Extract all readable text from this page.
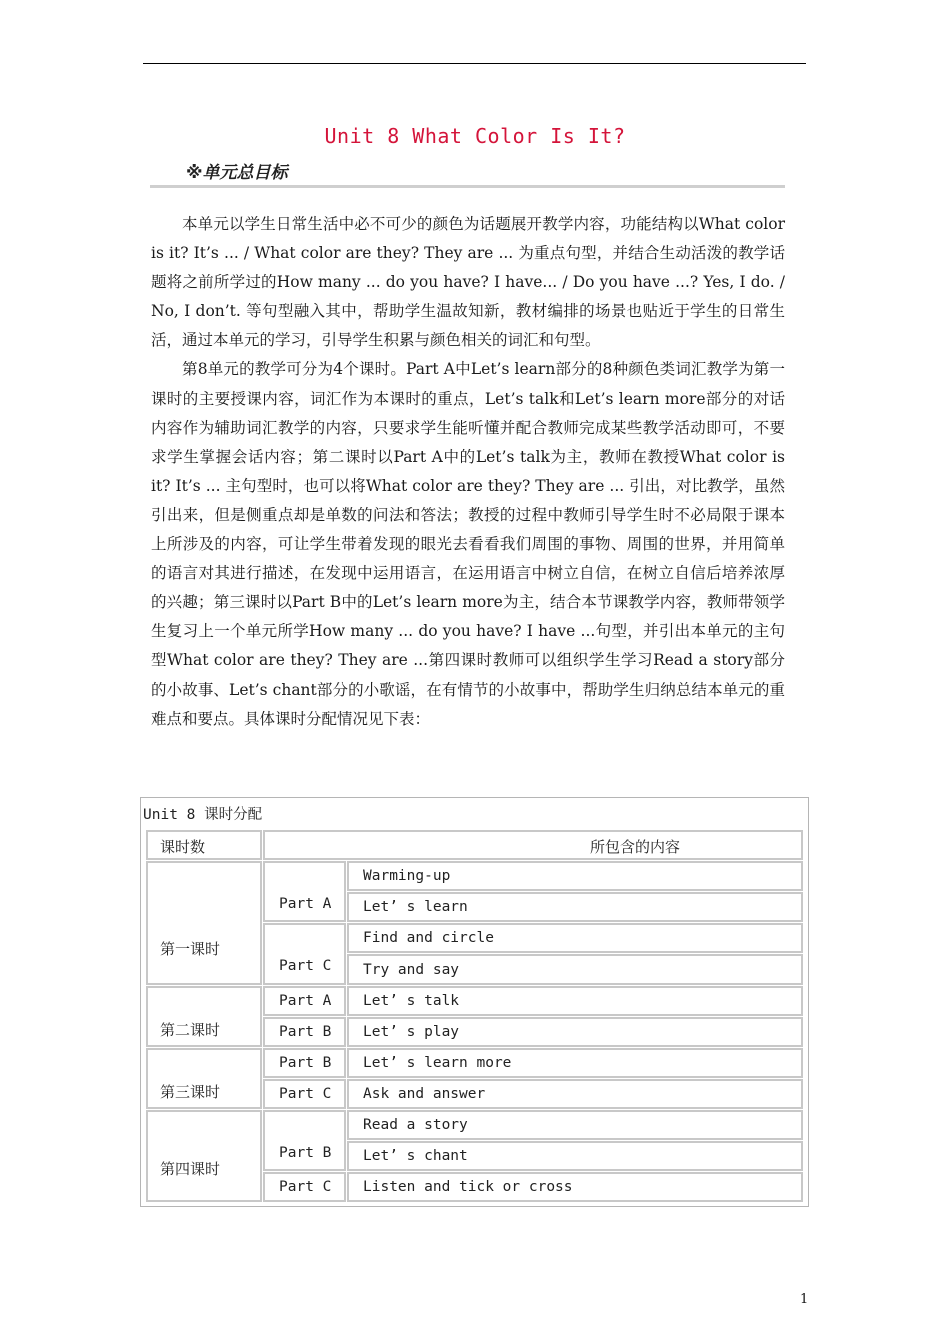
Unit 8 What Color Is It?
※单元总目标

本单元以学生日常生活中必不可少的颜色为话题展开教学内容，功能结构以What color is it? It’s ... / What color are they? They are ... 为重点句型，并结合生动活泼的教学话题将之前所学过的How many ... do you have? I have... / Do you have ...? Yes, I do. / No, I don’t. 等句型融入其中，帮助学生温故知新，教材编排的场景也贴近于学生的日常生活，通过本单元的学习，引导学生积累与颜色相关的词汇和句型。

第8单元的教学可分为4个课时。Part A中Let’s learn部分的8种颜色类词汇教学为第一课时的主要授课内容，词汇作为本课时的重点，Let’s talk和Let’s learn more部分的对话内容作为辅助词汇教学的内容，只要求学生能听懂并配合教师完成某些教学活动即可，不要求学生掌握会话内容；第二课时以Part A中的Let’s talk为主，教师在教授What color is it? It’s ... 主句型时，也可以将What color are they? They are ... 引出，对比教学，虽然引出来，但是侧重点却是单数的问法和答法；教授的过程中教师引导学生时不必局限于课本上所涉及的内容，可让学生带着发现的眼光去看看我们周围的事物、周围的世界，并用简单的语言对其进行描述，在发现中运用语言，在运用语言中树立自信，在树立自信后培养浓厚的兴趣；第三课时以Part B中的Let’s learn more为主，结合本节课教学内容，教师带领学生复习上一个单元所学How many ... do you have? I have ...句型，并引出本单元的主句型What color are they? They are ...第四课时教师可以组织学生学习Read a story部分的小故事、Let’s chant部分的小歌谣，在有情节的小故事中，帮助学生归纳总结本单元的重难点和要点。具体课时分配情况见下表：

Unit 8 课时分配
课时数	所包含的内容
第一课时
第二课时
第三课时
第四课时
Part A
Part C
Part A
Part B
Part B
Part C
Part B
Part C
Warming-up
Let’ s learn
Find and circle
Try and say
Let’ s talk
Let’ s play
Let’ s learn more
Ask and answer
Read a story
Let’ s chant
Listen and tick or cross
1
